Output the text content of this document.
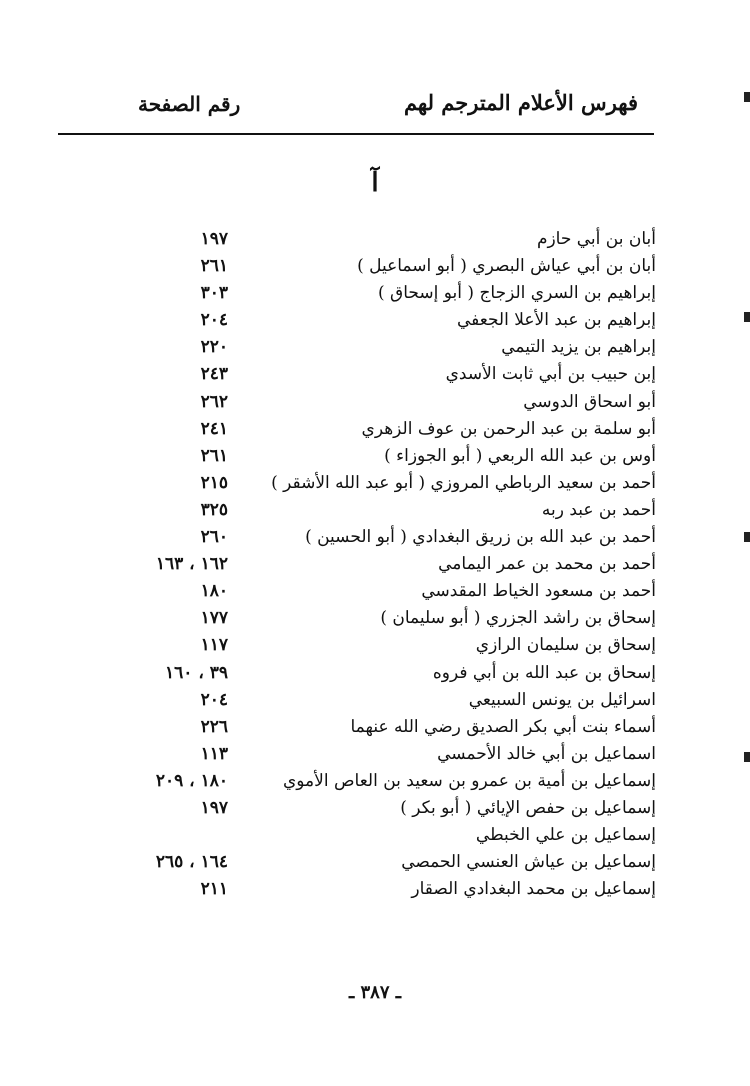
فهرس الأعلام المترجم لهم
رقم الصفحة
آ
أبان بن أبي حازم
١٩٧
أبان بن أبي عياش البصري ( أبو اسماعيل )
٢٦١
إبراهيم بن السري الزجاج ( أبو إسحاق )
٣٠٣
إبراهيم بن عبد الأعلا الجعفي
٢٠٤
إبراهيم بن يزيد التيمي
٢٢٠
إبن حبيب بن أبي ثابت الأسدي
٢٤٣
أبو اسحاق الدوسي
٢٦٢
أبو سلمة بن عبد الرحمن بن عوف الزهري
٢٤١
أوس بن عبد الله الربعي ( أبو الجوزاء )
٢٦١
أحمد بن سعيد الرباطي المروزي ( أبو عبد الله الأشقر )
٢١٥
أحمد بن عبد ربه
٣٢٥
أحمد بن عبد الله بن زريق البغدادي ( أبو الحسين )
٢٦٠
أحمد بن محمد بن عمر اليمامي
١٦٢ ، ١٦٣
أحمد بن مسعود الخياط المقدسي
١٨٠
إسحاق بن راشد الجزري ( أبو سليمان )
١٧٧
إسحاق بن سليمان الرازي
١١٧
إسحاق بن عبد الله بن أبي فروه
٣٩ ، ١٦٠
اسرائيل بن يونس السبيعي
٢٠٤
أسماء بنت أبي بكر الصديق رضي الله عنهما
٢٢٦
اسماعيل بن أبي خالد الأحمسي
١١٣
إسماعيل بن أمية بن عمرو بن سعيد بن العاص الأموي
١٨٠ ، ٢٠٩
إسماعيل بن حفص الإيائي ( أبو بكر )
١٩٧
إسماعيل بن علي الخبطي
إسماعيل بن عياش العنسي الحمصي
١٦٤ ، ٢٦٥
إسماعيل بن محمد البغدادي الصقار
٢١١
ـ ٣٨٧ ـ
